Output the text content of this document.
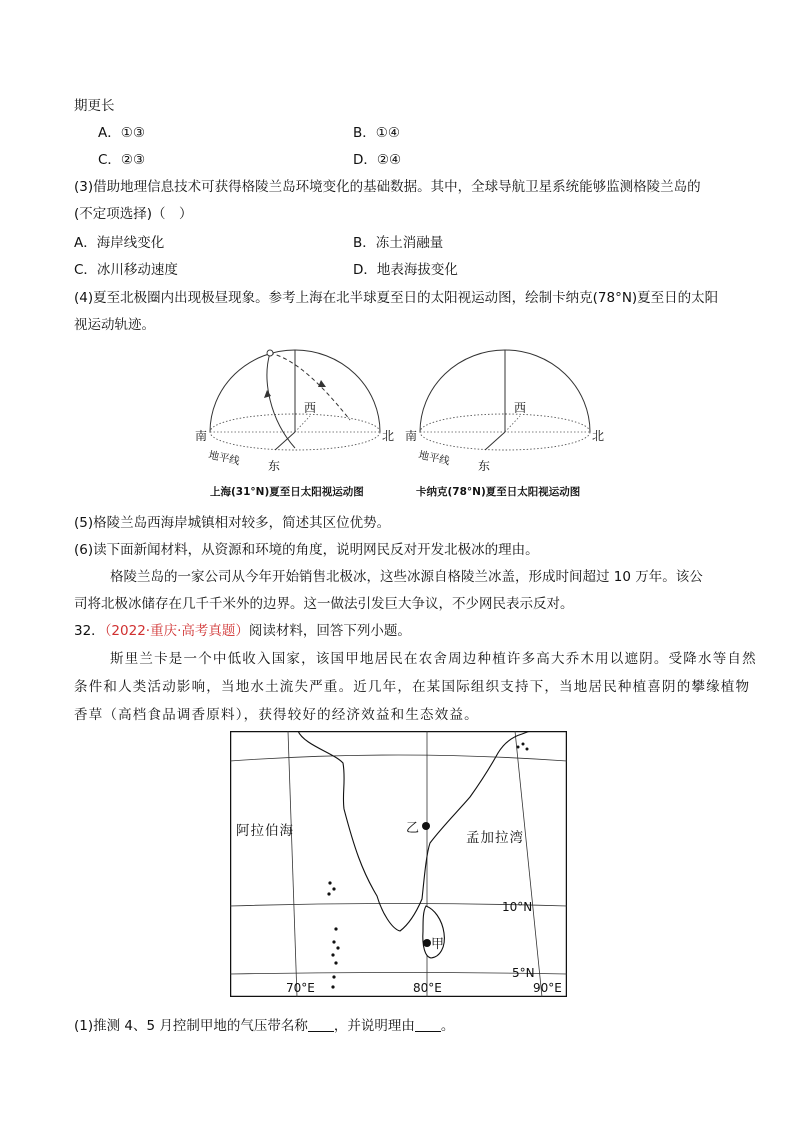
期更长
A．①③	B．①④
C．②③	D．②④
(3)借助地理信息技术可获得格陵兰岛环境变化的基础数据。其中，全球导航卫星系统能够监测格陵兰岛的
(不定项选择)（　）
A．海岸线变化	B．冻土消融量
C．冰川移动速度	D．地表海拔变化
(4)夏至北极圈内出现极昼现象。参考上海在北半球夏至日的太阳视运动图，绘制卡纳克(78°N)夏至日的太阳
视运动轨迹。
南	北
西
东
地平线
上海(31°N)夏至日太阳视运动图
南	北
西
东
地平线
卡纳克(78°N)夏至日太阳视运动图
(5)格陵兰岛西海岸城镇相对较多，简述其区位优势。
(6)读下面新闻材料，从资源和环境的角度，说明网民反对开发北极冰的理由。
格陵兰岛的一家公司从今年开始销售北极冰，这些冰源自格陵兰冰盖，形成时间超过 10 万年。该公
司将北极冰储存在几千千米外的边界。这一做法引发巨大争议，不少网民表示反对。
32．（2022·重庆·高考真题）阅读材料，回答下列小题。
斯里兰卡是一个中低收入国家，该国甲地居民在农舍周边种植许多高大乔木用以遮阴。受降水等自然
条件和人类活动影响，当地水土流失严重。近几年，在某国际组织支持下，当地居民种植喜阴的攀缘植物
香草（高档食品调香原料），获得较好的经济效益和生态效益。
阿拉伯海	孟加拉湾
乙
甲
10°N
5°N
70°E	80°E	90°E
(1)推测 4、5 月控制甲地的气压带名称 ，并说明理由 。
